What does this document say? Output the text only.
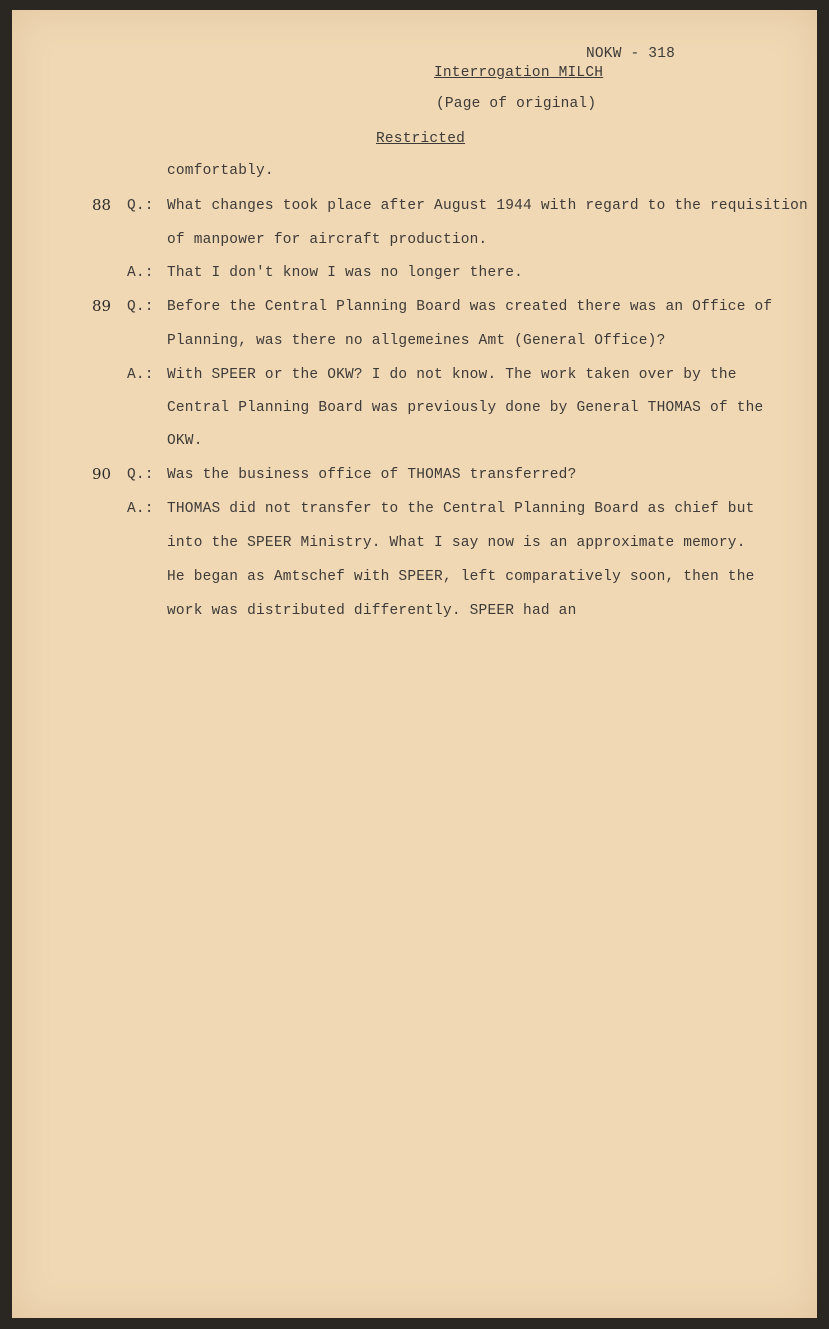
NOKW - 318
Interrogation MILCH
(Page of original)
Restricted
comfortably.
88 Q.: What changes took place after August 1944 with regard to the requisition
of manpower for aircraft production.
A.: That I don't know I was no longer there.
89 Q.: Before the Central Planning Board was created there was an Office of
Planning, was there no allgemeines Amt (General Office)?
A.: With SPEER or the OKW? I do not know. The work taken over by the
Central Planning Board was previously done by General THOMAS of the
OKW.
90 Q.: Was the business office of THOMAS transferred?
A.: THOMAS did not transfer to the Central Planning Board as chief but
into the SPEER Ministry. What I say now is an approximate memory.
He began as Amtschef with SPEER, left comparatively soon, then the
work was distributed differently. SPEER had an
